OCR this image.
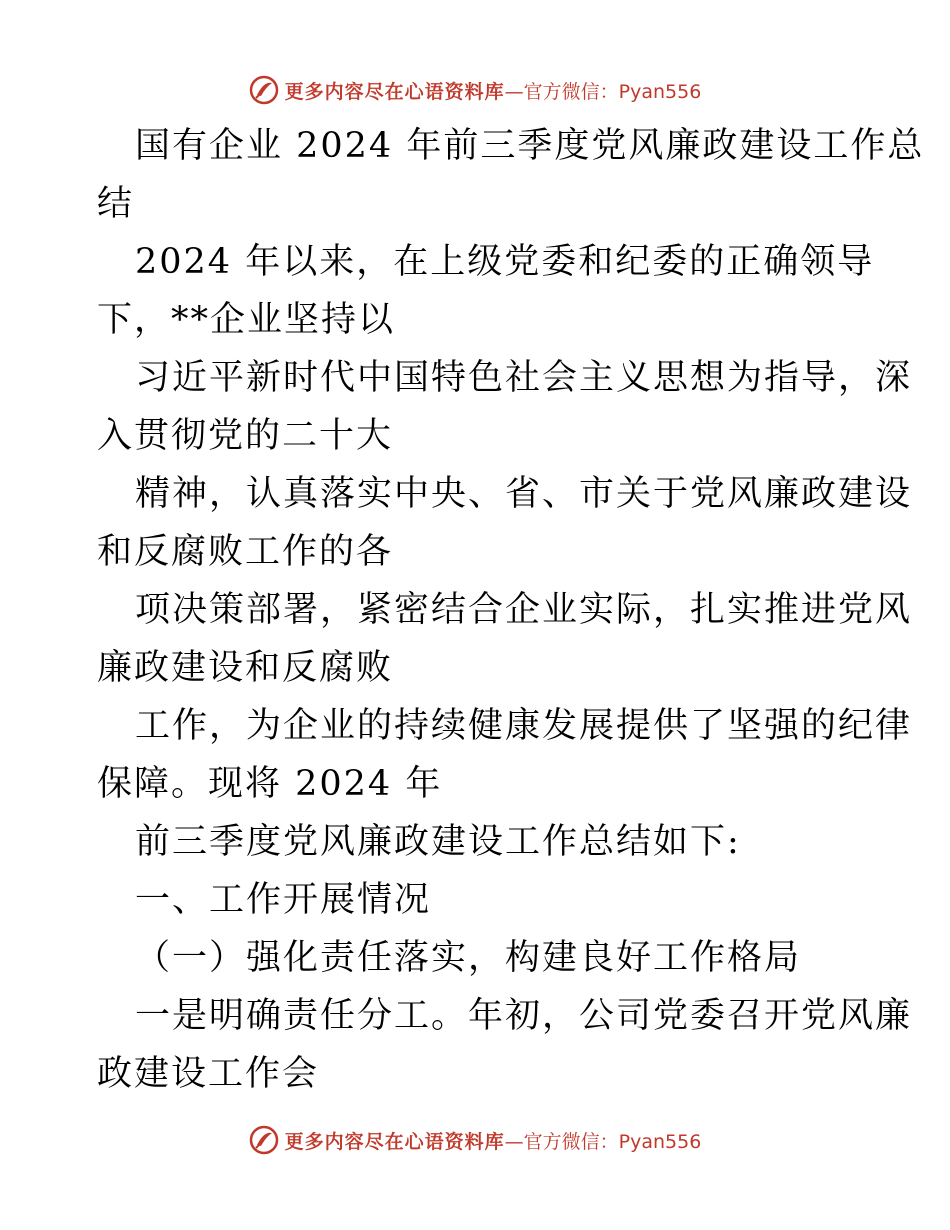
更多内容尽在心语资料库 —官方微信：Pyan556
国有企业 2024 年前三季度党风廉政建设工作总
结
2024 年以来，在上级党委和纪委的正确领导
下，**企业坚持以
习近平新时代中国特色社会主义思想为指导，深
入贯彻党的二十大
精神，认真落实中央、省、市关于党风廉政建设
和反腐败工作的各
项决策部署，紧密结合企业实际，扎实推进党风
廉政建设和反腐败
工作，为企业的持续健康发展提供了坚强的纪律
保障。现将 2024 年
前三季度党风廉政建设工作总结如下:
一、工作开展情况
（一）强化责任落实，构建良好工作格局
一是明确责任分工。年初，公司党委召开党风廉
政建设工作会
更多内容尽在心语资料库 —官方微信：Pyan556
